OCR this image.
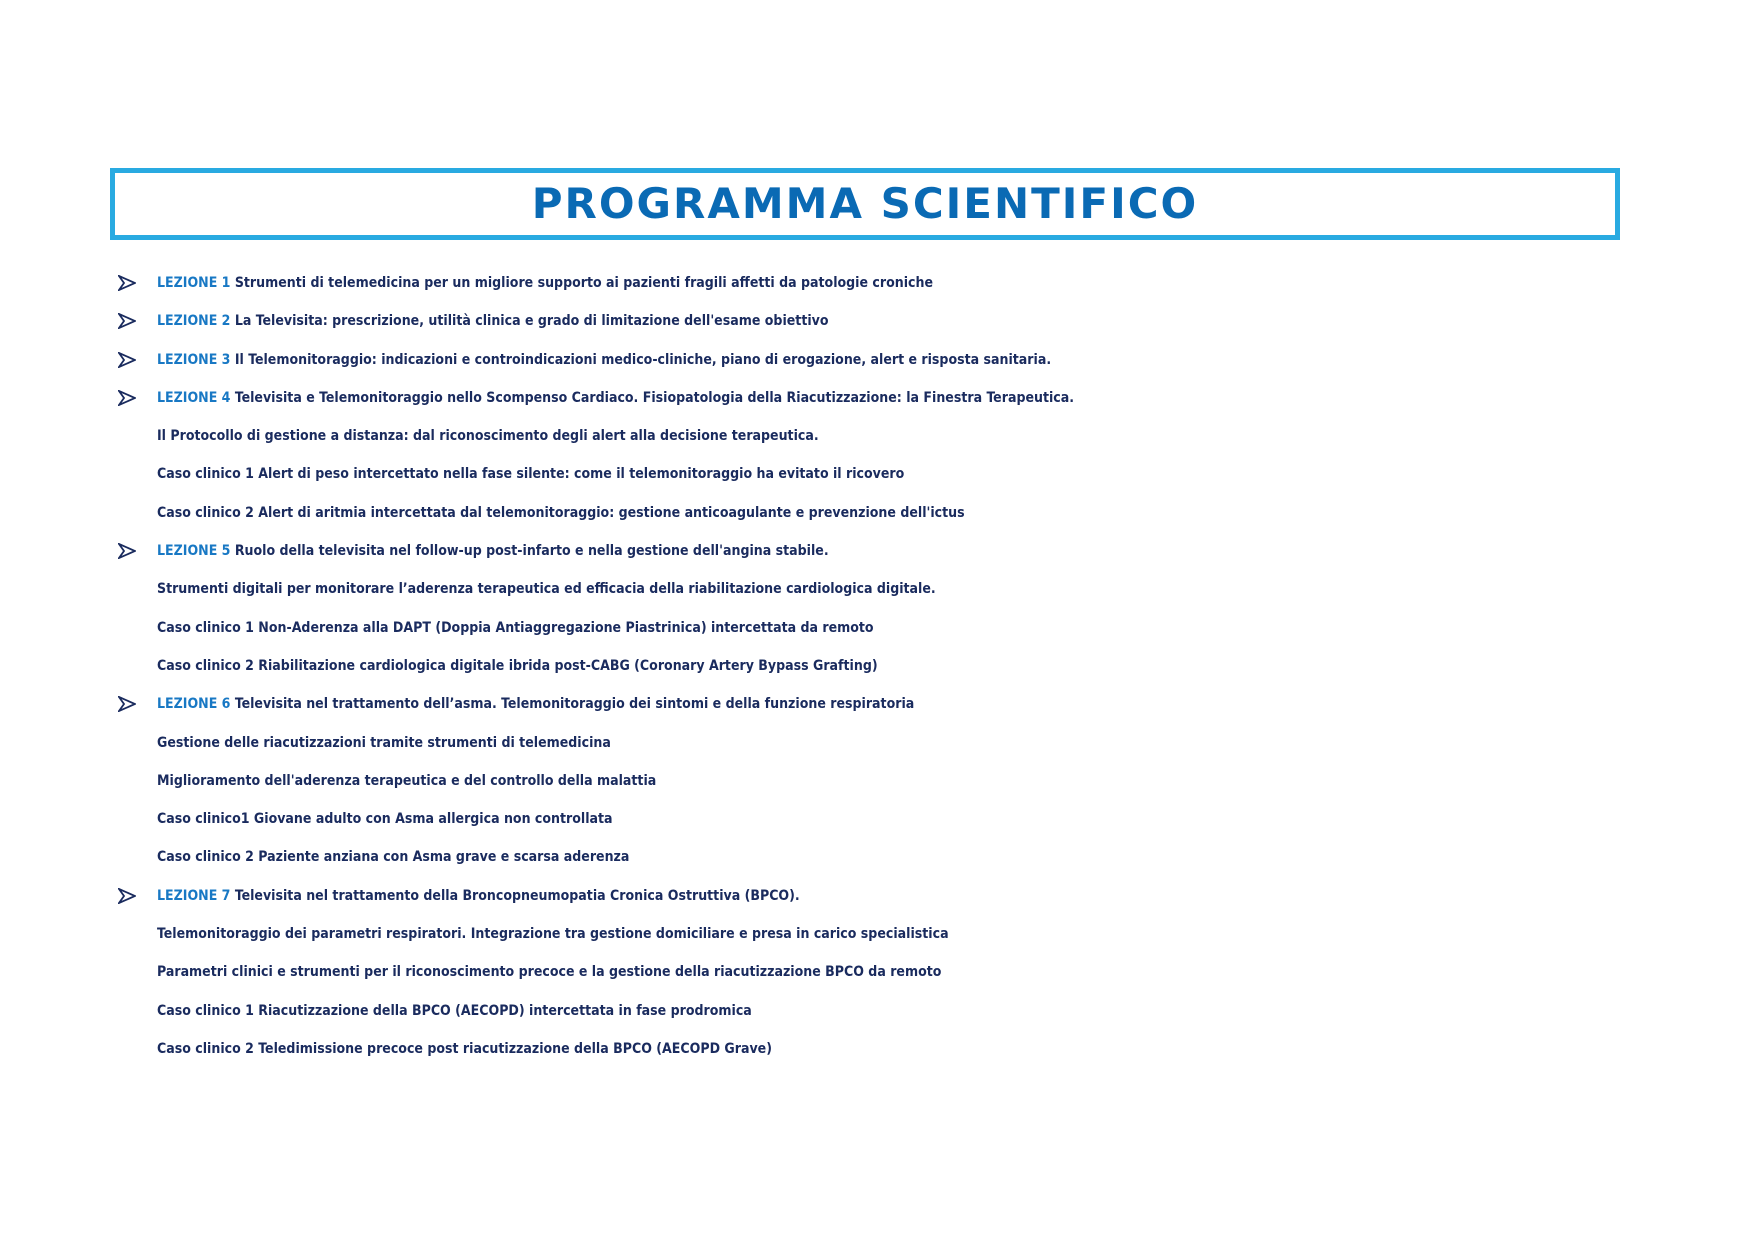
PROGRAMMA SCIENTIFICO
LEZIONE 1 Strumenti di telemedicina per un migliore supporto ai pazienti fragili affetti da patologie croniche
LEZIONE 2 La Televisita: prescrizione, utilità clinica e grado di limitazione dell'esame obiettivo
LEZIONE 3 Il Telemonitoraggio: indicazioni e controindicazioni medico-cliniche, piano di erogazione, alert e risposta sanitaria.
LEZIONE 4 Televisita e Telemonitoraggio nello Scompenso Cardiaco. Fisiopatologia della Riacutizzazione: la Finestra Terapeutica.
Il Protocollo di gestione a distanza: dal riconoscimento degli alert alla decisione terapeutica.
Caso clinico 1 Alert di peso intercettato nella fase silente: come il telemonitoraggio ha evitato il ricovero
Caso clinico 2 Alert di aritmia intercettata dal telemonitoraggio: gestione anticoagulante e prevenzione dell'ictus
LEZIONE 5 Ruolo della televisita nel follow-up post-infarto e nella gestione dell'angina stabile.
Strumenti digitali per monitorare l’aderenza terapeutica ed efficacia della riabilitazione cardiologica digitale.
Caso clinico 1 Non-Aderenza alla DAPT (Doppia Antiaggregazione Piastrinica) intercettata da remoto
Caso clinico 2 Riabilitazione cardiologica digitale ibrida post-CABG (Coronary Artery Bypass Grafting)
LEZIONE 6 Televisita nel trattamento dell’asma. Telemonitoraggio dei sintomi e della funzione respiratoria
Gestione delle riacutizzazioni tramite strumenti di telemedicina
Miglioramento dell'aderenza terapeutica e del controllo della malattia
Caso clinico1 Giovane adulto con Asma allergica non controllata
Caso clinico 2 Paziente anziana con Asma grave e scarsa aderenza
LEZIONE 7 Televisita nel trattamento della Broncopneumopatia Cronica Ostruttiva (BPCO).
Telemonitoraggio dei parametri respiratori. Integrazione tra gestione domiciliare e presa in carico specialistica
Parametri clinici e strumenti per il riconoscimento precoce e la gestione della riacutizzazione BPCO da remoto
Caso clinico 1 Riacutizzazione della BPCO (AECOPD) intercettata in fase prodromica
Caso clinico 2 Teledimissione precoce post riacutizzazione della BPCO (AECOPD Grave)
